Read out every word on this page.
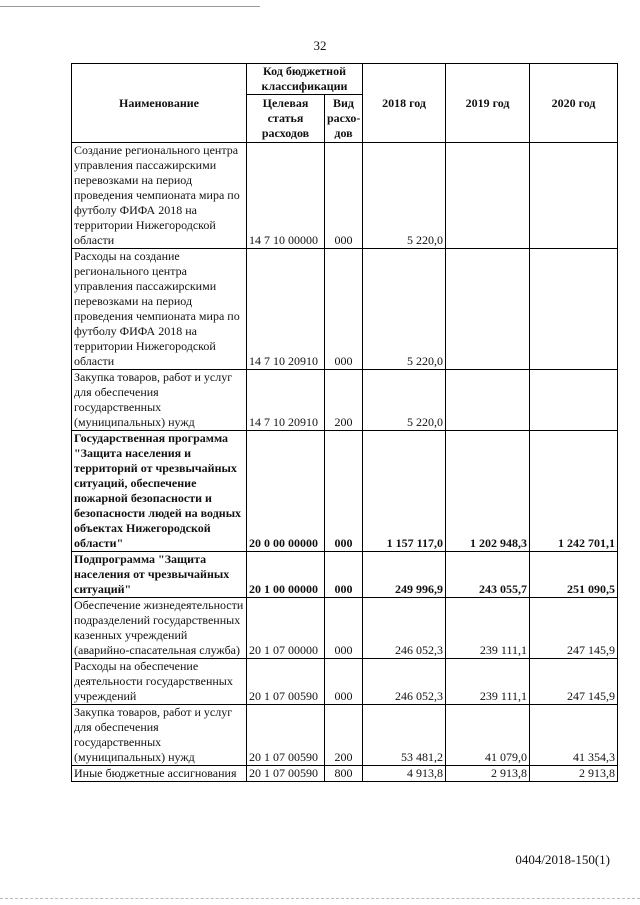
32
Наименование	Код бюджетной классификации		2018 год	2019 год	2020 год
	Целевая статья расходов	Вид расхо-дов			
Создание регионального центра управления пассажирскими перевозками на период проведения чемпионата мира по футболу ФИФА 2018 на территории Нижегородской области	14 7 10 00000	000	5 220,0		
Расходы на создание регионального центра управления пассажирскими перевозками на период проведения чемпионата мира по футболу ФИФА 2018 на территории Нижегородской области	14 7 10 20910	000	5 220,0		
Закупка товаров, работ и услуг для обеспечения государственных (муниципальных) нужд	14 7 10 20910	200	5 220,0		
Государственная программа "Защита населения и территорий от чрезвычайных ситуаций, обеспечение пожарной безопасности и безопасности людей на водных объектах Нижегородской области"	20 0 00 00000	000	1 157 117,0	1 202 948,3	1 242 701,1
Подпрограмма "Защита населения от чрезвычайных ситуаций"	20 1 00 00000	000	249 996,9	243 055,7	251 090,5
Обеспечение жизнедеятельности подразделений государственных казенных учреждений (аварийно-спасательная служба)	20 1 07 00000	000	246 052,3	239 111,1	247 145,9
Расходы на обеспечение деятельности государственных учреждений	20 1 07 00590	000	246 052,3	239 111,1	247 145,9
Закупка товаров, работ и услуг для обеспечения государственных (муниципальных) нужд	20 1 07 00590	200	53 481,2	41 079,0	41 354,3
Иные бюджетные ассигнования	20 1 07 00590	800	4 913,8	2 913,8	2 913,8
0404/2018-150(1)
